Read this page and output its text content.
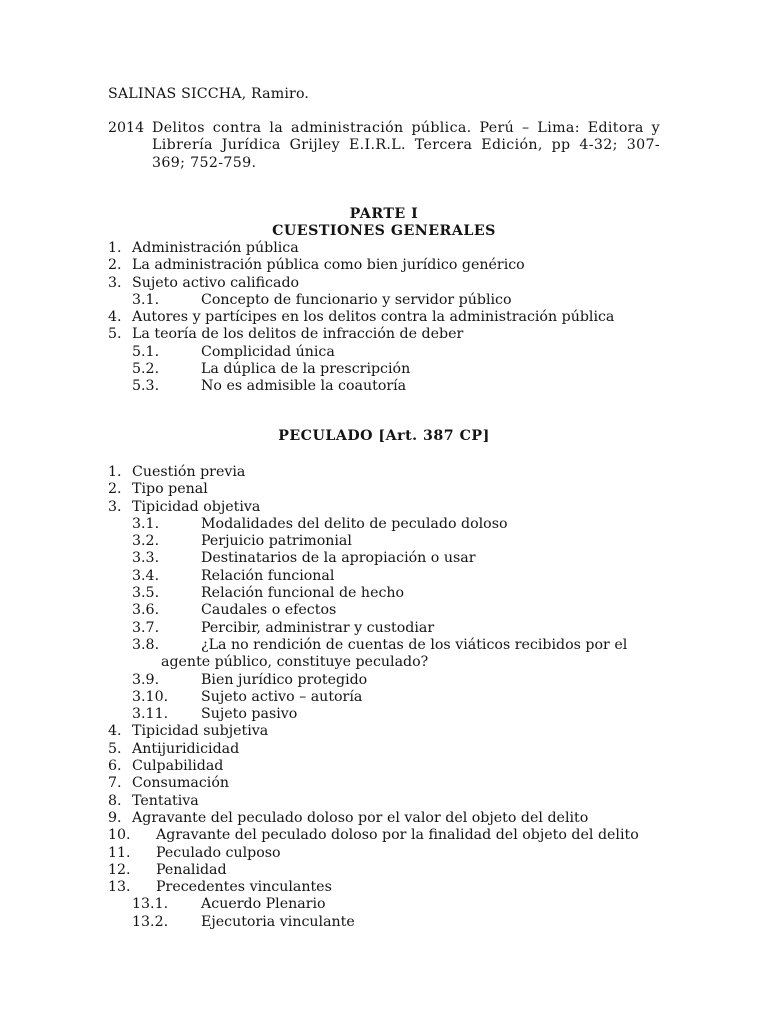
SALINAS SICCHA, Ramiro.
2014 Delitos contra la administración pública. Perú – Lima: Editora y Librería Jurídica Grijley E.I.R.L. Tercera Edición, pp 4-32; 307-369; 752-759.
PARTE I
CUESTIONES GENERALES
1. Administración pública
2. La administración pública como bien jurídico genérico
3. Sujeto activo calificado
3.1.	Concepto de funcionario y servidor público
4. Autores y partícipes en los delitos contra la administración pública
5. La teoría de los delitos de infracción de deber
5.1.	Complicidad única
5.2.	La dúplica de la prescripción
5.3.	No es admisible la coautoría
PECULADO [Art. 387 CP]
1. Cuestión previa
2. Tipo penal
3. Tipicidad objetiva
3.1.	Modalidades del delito de peculado doloso
3.2.	Perjuicio patrimonial
3.3.	Destinatarios de la apropiación o usar
3.4.	Relación funcional
3.5.	Relación funcional de hecho
3.6.	Caudales o efectos
3.7.	Percibir, administrar y custodiar
3.8.	¿La no rendición de cuentas de los viáticos recibidos por el
agente público, constituye peculado?
3.9.	Bien jurídico protegido
3.10. Sujeto activo – autoría
3.11. Sujeto pasivo
4. Tipicidad subjetiva
5. Antijuridicidad
6. Culpabilidad
7. Consumación
8. Tentativa
9. Agravante del peculado doloso por el valor del objeto del delito
10. Agravante del peculado doloso por la finalidad del objeto del delito
11. Peculado culposo
12. Penalidad
13. Precedentes vinculantes
13.1. Acuerdo Plenario
13.2. Ejecutoria vinculante
